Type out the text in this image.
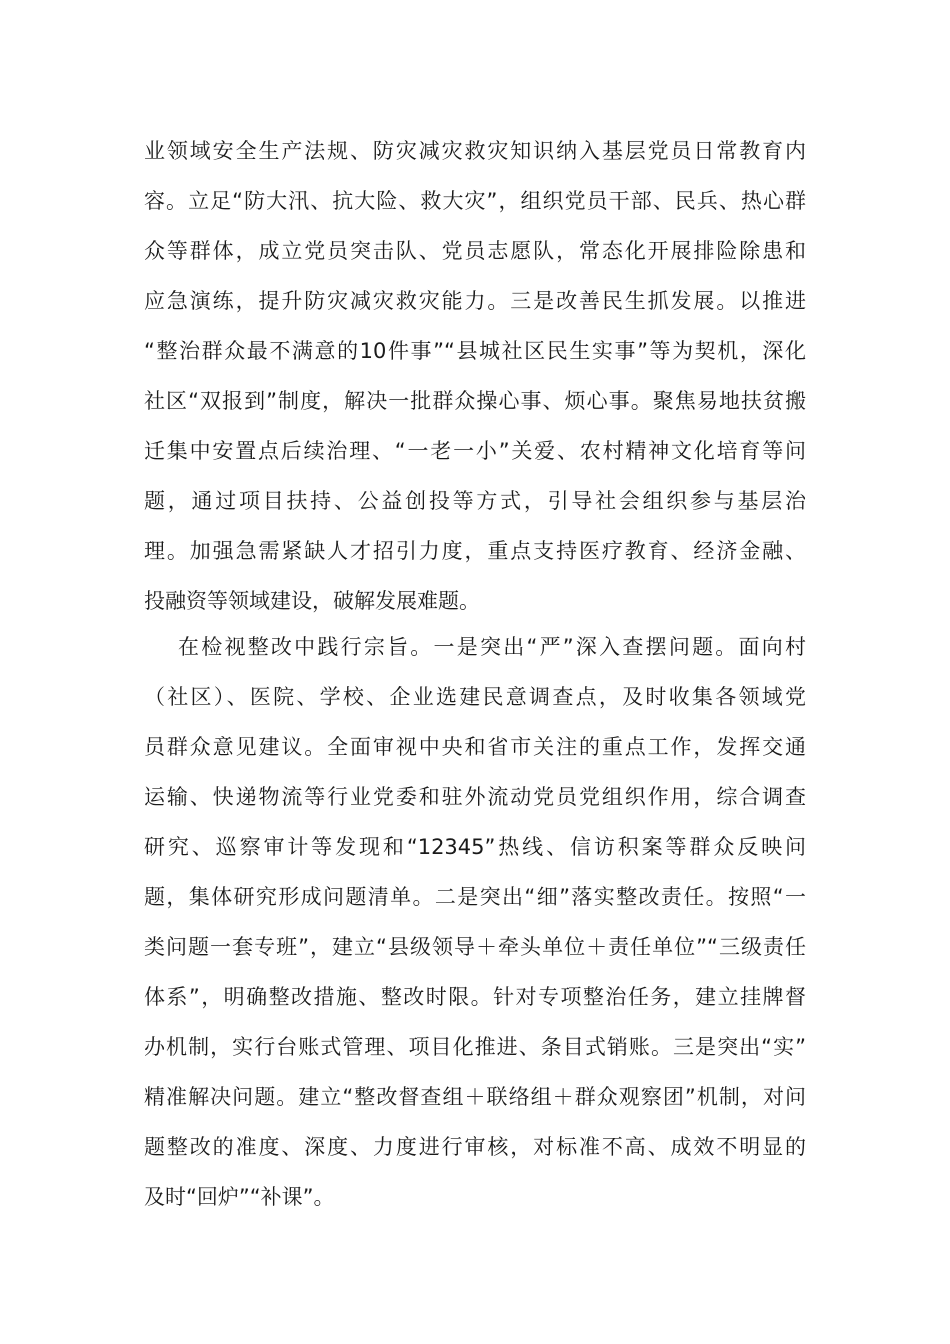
业领域安全生产法规、防灾减灾救灾知识纳入基层党员日常教育内
容。立足“防大汛、抗大险、救大灾”，组织党员干部、民兵、热心群
众等群体，成立党员突击队、党员志愿队，常态化开展排险除患和
应急演练，提升防灾减灾救灾能力。三是改善民生抓发展。以推进
“整治群众最不满意的10件事”“县城社区民生实事”等为契机，深化
社区“双报到”制度，解决一批群众操心事、烦心事。聚焦易地扶贫搬
迁集中安置点后续治理、“一老一小”关爱、农村精神文化培育等问
题，通过项目扶持、公益创投等方式，引导社会组织参与基层治
理。加强急需紧缺人才招引力度，重点支持医疗教育、经济金融、
投融资等领域建设，破解发展难题。
在检视整改中践行宗旨。一是突出“严”深入查摆问题。面向村
（社区）、医院、学校、企业选建民意调查点，及时收集各领域党
员群众意见建议。全面审视中央和省市关注的重点工作，发挥交通
运输、快递物流等行业党委和驻外流动党员党组织作用，综合调查
研究、巡察审计等发现和“12345”热线、信访积案等群众反映问
题，集体研究形成问题清单。二是突出“细”落实整改责任。按照“一
类问题一套专班”，建立“县级领导＋牵头单位＋责任单位”“三级责任
体系”，明确整改措施、整改时限。针对专项整治任务，建立挂牌督
办机制，实行台账式管理、项目化推进、条目式销账。三是突出“实”
精准解决问题。建立“整改督查组＋联络组＋群众观察团”机制，对问
题整改的准度、深度、力度进行审核，对标准不高、成效不明显的
及时“回炉”“补课”。
